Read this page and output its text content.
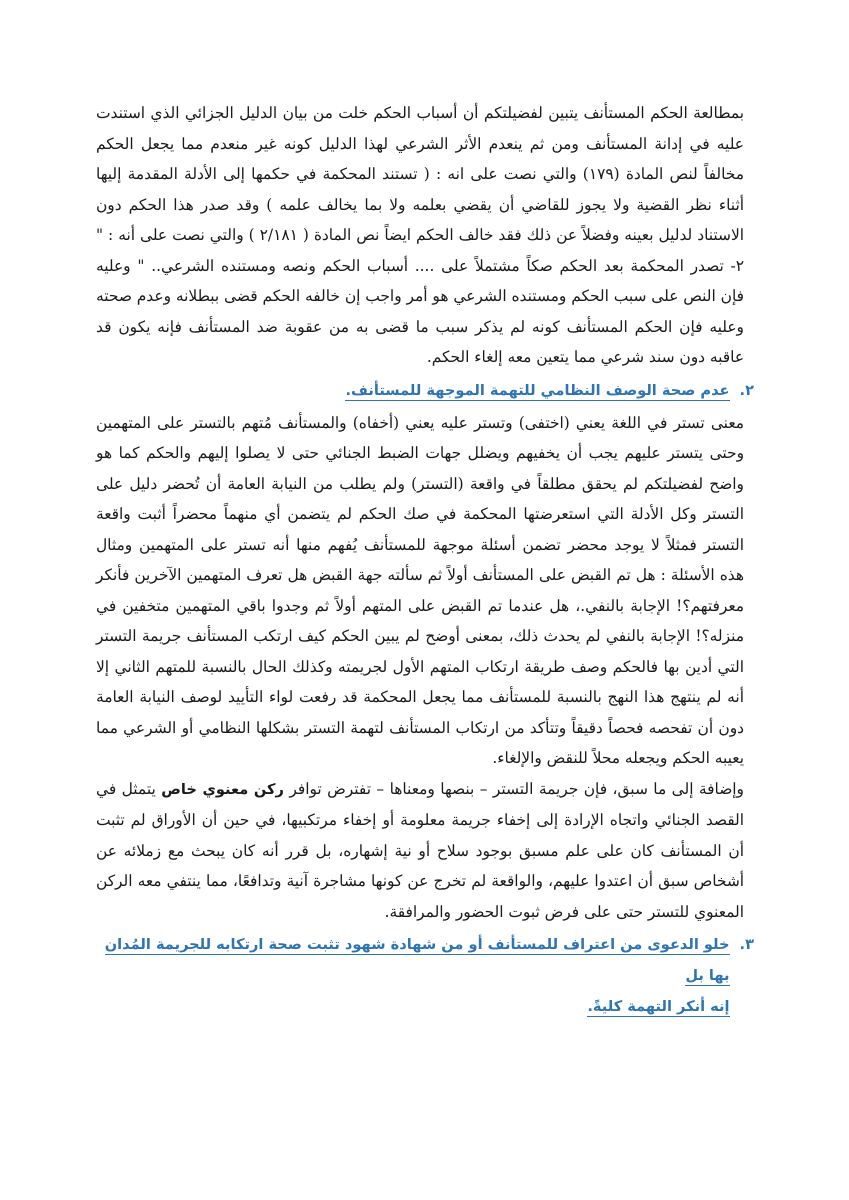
بمطالعة الحكم المستأنف يتبين لفضيلتكم أن أسباب الحكم خلت من بيان الدليل الجزائي الذي استندت عليه في إدانة المستأنف ومن ثم ينعدم الأثر الشرعي لهذا الدليل كونه غير منعدم مما يجعل الحكم مخالفاً لنص المادة (١٧٩) والتي نصت على انه : ( تستند المحكمة في حكمها إلى الأدلة المقدمة إليها أثناء نظر القضية ولا يجوز للقاضي أن يقضي بعلمه ولا بما يخالف علمه ) وقد صدر هذا الحكم دون الاستناد لدليل بعينه وفضلاً عن ذلك فقد خالف الحكم ايضاً نص المادة ( ٢/١٨١ ) والتي نصت على أنه : " ٢- تصدر المحكمة بعد الحكم صكاً مشتملاً على .... أسباب الحكم ونصه ومستنده الشرعي.. " وعليه فإن النص على سبب الحكم ومستنده الشرعي هو أمر واجب إن خالفه الحكم قضى ببطلانه وعدم صحته وعليه فإن الحكم المستأنف كونه لم يذكر سبب ما قضى به من عقوبة ضد المستأنف فإنه يكون قد عاقبه دون سند شرعي مما يتعين معه إلغاء الحكم.

٢.
عدم صحة الوصف النظامي للتهمة الموجهة للمستأنف.

معنى تستر في اللغة يعني (اختفى) وتستر عليه يعني (أخفاه) والمستأنف مُتهم بالتستر على المتهمين وحتى يتستر عليهم يجب أن يخفيهم ويضلل جهات الضبط الجنائي حتى لا يصلوا إليهم والحكم كما هو واضح لفضيلتكم لم يحقق مطلقاً في واقعة (التستر) ولم يطلب من النيابة العامة أن تُحضر دليل على التستر وكل الأدلة التي استعرضتها المحكمة في صك الحكم لم يتضمن أي منهماً محضراً أثبت واقعة التستر فمثلاً لا يوجد محضر تضمن أسئلة موجهة للمستأنف يُفهم منها أنه تستر على المتهمين ومثال هذه الأسئلة : هل تم القبض على المستأنف أولاً ثم سألته جهة القبض هل تعرف المتهمين الآخرين فأنكر معرفتهم؟! الإجابة بالنفي.، هل عندما تم القبض على المتهم أولاً ثم وجدوا باقي المتهمين متخفين في منزله؟! الإجابة بالنفي لم يحدث ذلك، بمعنى أوضح لم يبين الحكم كيف ارتكب المستأنف جريمة التستر التي أدين بها فالحكم وصف طريقة ارتكاب المتهم الأول لجريمته وكذلك الحال بالنسبة للمتهم الثاني إلا أنه لم ينتهج هذا النهج بالنسبة للمستأنف مما يجعل المحكمة قد رفعت لواء التأييد لوصف النيابة العامة دون أن تفحصه فحصاً دقيقاً وتتأكد من ارتكاب المستأنف لتهمة التستر بشكلها النظامي أو الشرعي مما يعيبه الحكم ويجعله محلاً للنقض والإلغاء.

وإضافة إلى ما سبق، فإن جريمة التستر – بنصها ومعناها – تفترض توافر ركن معنوي خاص يتمثل في القصد الجنائي واتجاه الإرادة إلى إخفاء جريمة معلومة أو إخفاء مرتكبيها، في حين أن الأوراق لم تثبت أن المستأنف كان على علم مسبق بوجود سلاح أو نية إشهاره، بل قرر أنه كان يبحث مع زملائه عن أشخاص سبق أن اعتدوا عليهم، والواقعة لم تخرج عن كونها مشاجرة آنية وتدافعًا، مما ينتفي معه الركن المعنوي للتستر حتى على فرض ثبوت الحضور والمرافقة.

٣.
خلو الدعوى من اعتراف للمستأنف أو من شهادة شهود تثبت صحة ارتكابه للجريمة المُدان بها بل
إنه أنكر التهمة كليةً.
